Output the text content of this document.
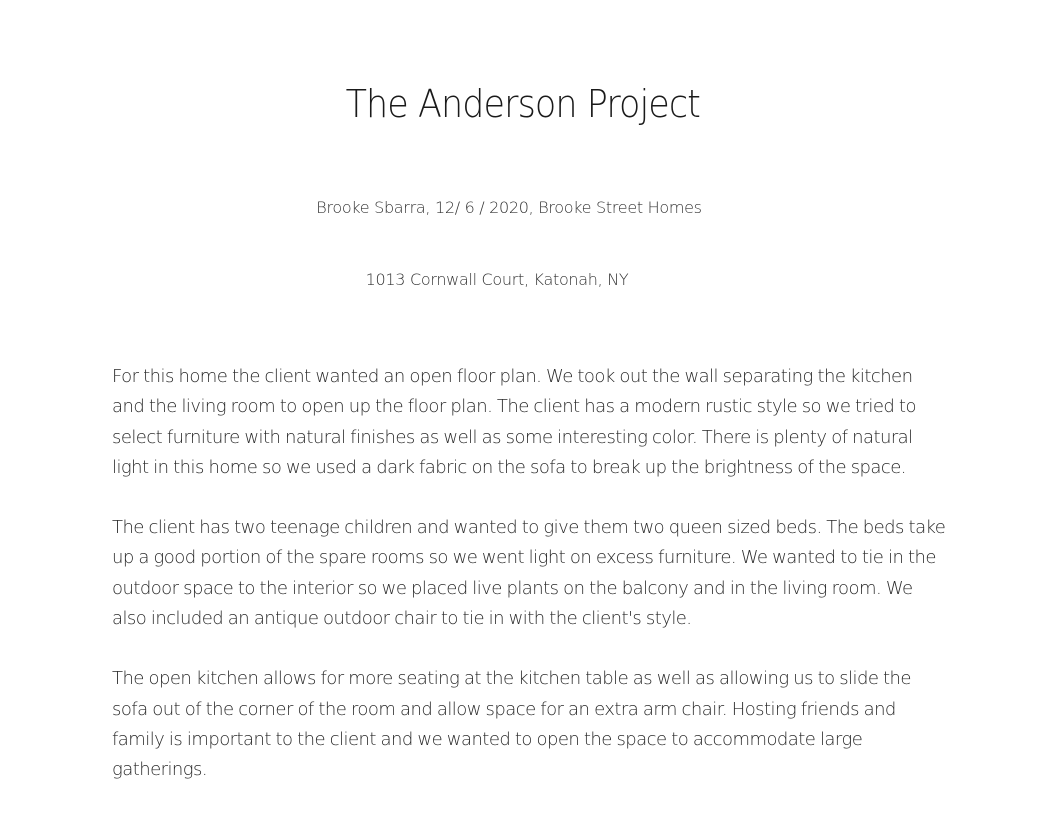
The Anderson Project

Brooke Sbarra, 12/ 6 / 2020, Brooke Street Homes

1013 Cornwall Court, Katonah, NY

For this home the client wanted an open floor plan. We took out the wall separating the kitchen and the living room to open up the floor plan. The client has a modern rustic style so we tried to select furniture with natural finishes as well as some interesting color. There is plenty of natural light in this home so we used a dark fabric on the sofa to break up the brightness of the space.

The client has two teenage children and wanted to give them two queen sized beds. The beds take up a good portion of the spare rooms so we went light on excess furniture. We wanted to tie in the outdoor space to the interior so we placed live plants on the balcony and in the living room. We also included an antique outdoor chair to tie in with the client's style.

The open kitchen allows for more seating at the kitchen table as well as allowing us to slide the sofa out of the corner of the room and allow space for an extra arm chair. Hosting friends and family is important to the client and we wanted to open the space to accommodate large gatherings.
